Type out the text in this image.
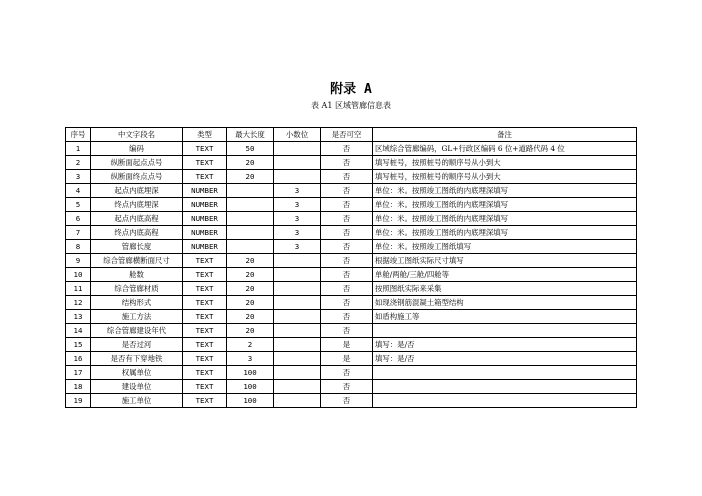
附录 A
表 A1 区域管廊信息表
序号	中文字段名	类型	最大长度	小数位	是否可空	备注
1	编码	TEXT	50		否	区域综合管廊编码，GL+行政区编码 6 位+道路代码 4 位
2	纵断面起点点号	TEXT	20		否	填写桩号，按照桩号的顺序号从小到大
3	纵断面终点点号	TEXT	20		否	填写桩号，按照桩号的顺序号从小到大
4	起点内底埋深	NUMBER		3	否	单位：米。按照竣工图纸的内底埋深填写
5	终点内底埋深	NUMBER		3	否	单位：米。按照竣工图纸的内底埋深填写
6	起点内底高程	NUMBER		3	否	单位：米。按照竣工图纸的内底埋深填写
7	终点内底高程	NUMBER		3	否	单位：米。按照竣工图纸的内底埋深填写
8	管廊长度	NUMBER		3	否	单位：米。按照竣工图纸填写
9	综合管廊横断面尺寸	TEXT	20		否	根据竣工图纸实际尺寸填写
10	舱数	TEXT	20		否	单舱/两舱/三舱/四舱等
11	综合管廊材质	TEXT	20		否	按照图纸实际来采集
12	结构形式	TEXT	20		否	如现浇钢筋混凝土箱型结构
13	施工方法	TEXT	20		否	如盾构施工等
14	综合管廊建设年代	TEXT	20		否	
15	是否过河	TEXT	2		是	填写：是/否
16	是否有下穿地铁	TEXT	3		是	填写：是/否
17	权属单位	TEXT	100		否	
18	建设单位	TEXT	100		否	
19	施工单位	TEXT	100		否	
